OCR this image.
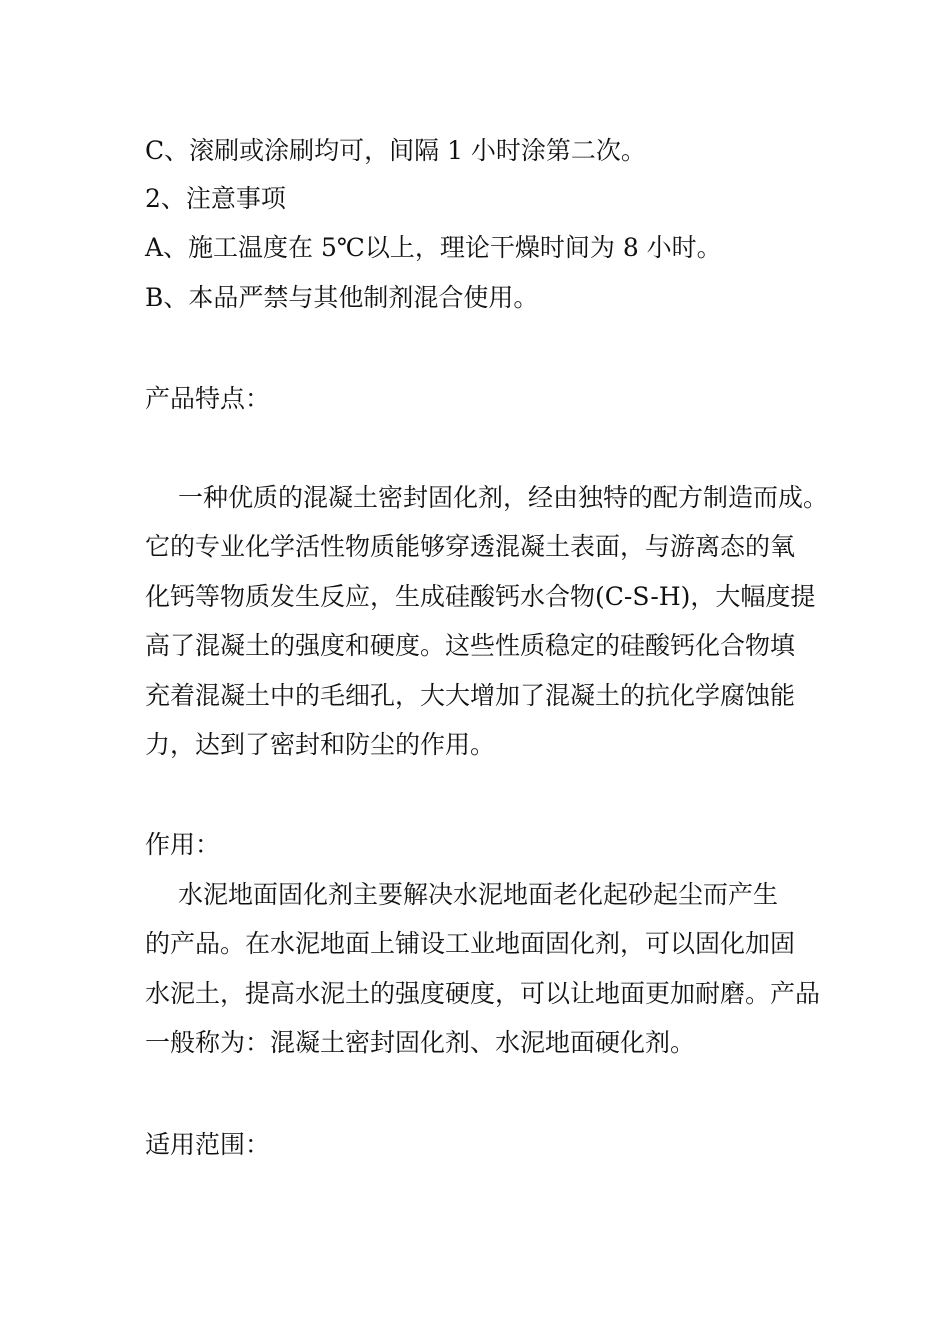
C、滚刷或涂刷均可，间隔 1 小时涂第二次。
2、注意事项
A、施工温度在 5℃以上，理论干燥时间为 8 小时。
B、本品严禁与其他制剂混合使用。
产品特点：
一种优质的混凝土密封固化剂，经由独特的配方制造而成。
它的专业化学活性物质能够穿透混凝土表面，与游离态的氧
化钙等物质发生反应，生成硅酸钙水合物(C-S-H)，大幅度提
高了混凝土的强度和硬度。这些性质稳定的硅酸钙化合物填
充着混凝土中的毛细孔，大大增加了混凝土的抗化学腐蚀能
力，达到了密封和防尘的作用。
作用：
水泥地面固化剂主要解决水泥地面老化起砂起尘而产生
的产品。在水泥地面上铺设工业地面固化剂，可以固化加固
水泥土，提高水泥土的强度硬度，可以让地面更加耐磨。产品
一般称为：混凝土密封固化剂、水泥地面硬化剂。
适用范围：
